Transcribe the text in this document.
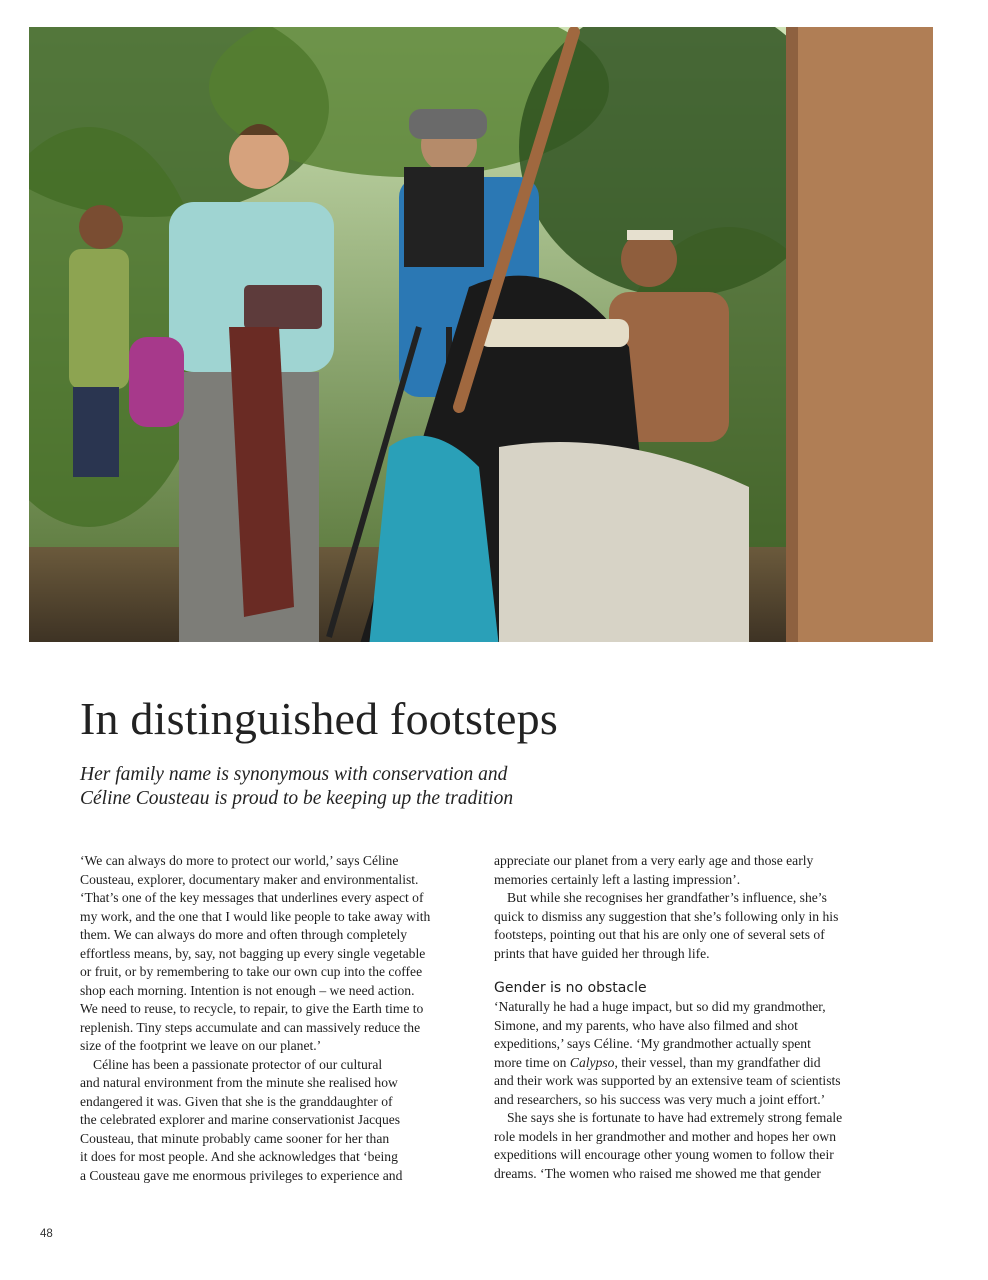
In distinguished footsteps
Her family name is synonymous with conservation and
Céline Cousteau is proud to be keeping up the tradition
‘We can always do more to protect our world,’ says Céline
Cousteau, explorer, documentary maker and environmentalist.
‘That’s one of the key messages that underlines every aspect of
my work, and the one that I would like people to take away with
them. We can always do more and often through completely
effortless means, by, say, not bagging up every single vegetable
or fruit, or by remembering to take our own cup into the coffee
shop each morning. Intention is not enough – we need action.
We need to reuse, to recycle, to repair, to give the Earth time to
replenish. Tiny steps accumulate and can massively reduce the
size of the footprint we leave on our planet.’
Céline has been a passionate protector of our cultural
and natural environment from the minute she realised how
endangered it was. Given that she is the granddaughter of
the celebrated explorer and marine conservationist Jacques
Cousteau, that minute probably came sooner for her than
it does for most people. And she acknowledges that ‘being
a Cousteau gave me enormous privileges to experience and
appreciate our planet from a very early age and those early
memories certainly left a lasting impression’.
But while she recognises her grandfather’s influence, she’s
quick to dismiss any suggestion that she’s following only in his
footsteps, pointing out that his are only one of several sets of
prints that have guided her through life.
Gender is no obstacle
‘Naturally he had a huge impact, but so did my grandmother,
Simone, and my parents, who have also filmed and shot
expeditions,’ says Céline. ‘My grandmother actually spent
more time on Calypso, their vessel, than my grandfather did
and their work was supported by an extensive team of scientists
and researchers, so his success was very much a joint effort.’
She says she is fortunate to have had extremely strong female
role models in her grandmother and mother and hopes her own
expeditions will encourage other young women to follow their
dreams. ‘The women who raised me showed me that gender
48
